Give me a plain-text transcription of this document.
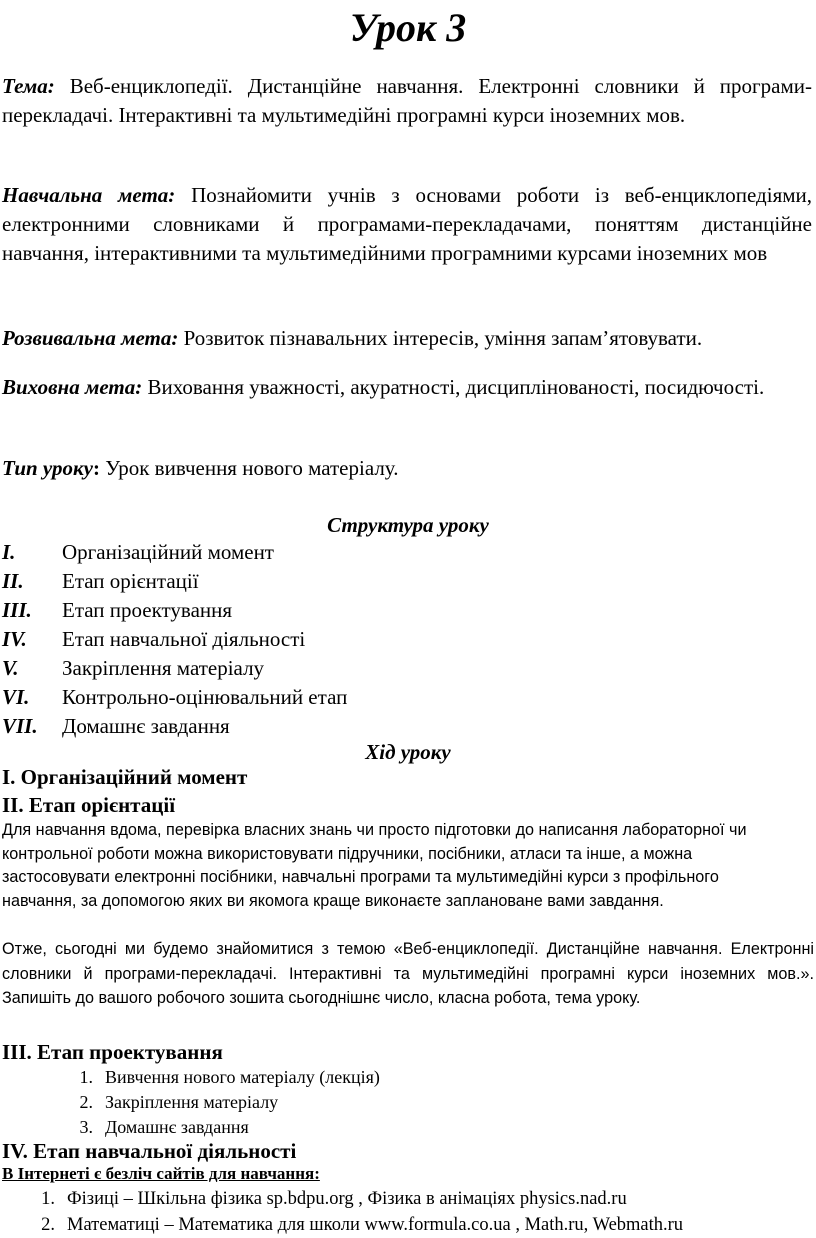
Урок 3
Тема: Веб-енциклопедії. Дистанційне навчання. Електронні словники й програми-перекладачі. Інтерактивні та мультимедійні програмні курси іноземних мов.
Навчальна мета: Познайомити учнів з основами роботи із веб-енциклопедіями, електронними словниками й програмами-перекладачами, поняттям дистанційне навчання, інтерактивними та мультимедійними програмними курсами іноземних мов
Розвивальна мета: Розвиток пізнавальних інтересів, уміння запам’ятовувати.
Виховна мета: Виховання уважності, акуратності, дисциплінованості, посидючості.
Тип уроку: Урок вивчення нового матеріалу.
Структура уроку
I.	Організаційний момент
II.	Етап орієнтації
III.	Етап проектування
IV.	Етап навчальної діяльності
V.	Закріплення матеріалу
VI.	Контрольно-оцінювальний етап
VII.	Домашнє завдання
Хід уроку
I. Організаційний момент
II. Етап орієнтації
Для навчання вдома, перевірка власних знань чи просто підготовки до написання лабораторної чи контрольної роботи можна використовувати підручники, посібники, атласи та інше, а можна застосовувати електронні посібники, навчальні програми та мультимедійні курси з профільного навчання, за допомогою яких ви якомога краще виконаєте заплановане вами завдання.
Отже, сьогодні ми будемо знайомитися з темою «Веб-енциклопедії. Дистанційне навчання. Електронні словники й програми-перекладачі. Інтерактивні та мультимедійні програмні курси іноземних мов.». Запишіть до вашого робочого зошита сьогоднішнє число, класна робота, тема уроку.
III. Етап проектування
1. Вивчення нового матеріалу (лекція)
2. Закріплення матеріалу
3. Домашнє завдання
IV. Етап навчальної діяльності
В Інтернеті є безліч сайтів для навчання:
1. Фізиці – Шкільна фізика sp.bdpu.org , Фізика в анімаціях physics.nad.ru
2. Математиці – Математика для школи www.formula.co.ua , Math.ru, Webmath.ru
